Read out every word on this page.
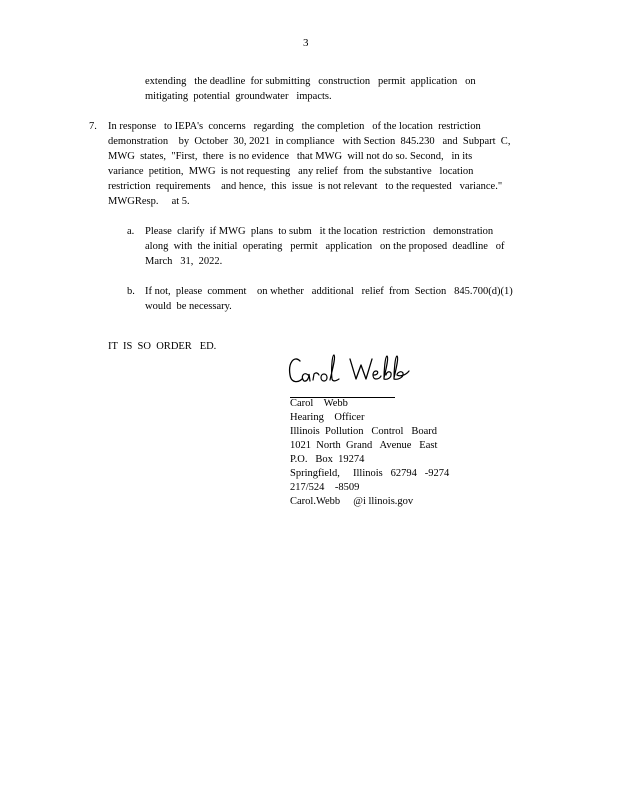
3
extending   the deadline  for submitting   construction   permit  application   on
mitigating  potential  groundwater   impacts.
7. In response   to IEPA's  concerns   regarding   the completion   of the location  restriction
demonstration    by  October  30, 2021  in compliance   with Section  845.230   and  Subpart  C,
MWG  states,  "First,  there  is no evidence   that MWG  will not do so. Second,   in its
variance  petition,  MWG  is not requesting   any relief  from  the substantive   location
restriction  requirements    and hence,  this  issue  is not relevant   to the requested   variance."
MWGResp.     at 5.
a. Please  clarify  if MWG  plans  to subm   it the location  restriction   demonstration
along  with  the initial  operating   permit   application   on the proposed  deadline   of
March   31,  2022.
b. If not,  please  comment    on whether   additional   relief  from  Section   845.700(d)(1)
would  be necessary.
IT  IS  SO  ORDER   ED.
Carol    Webb
Hearing    Officer
Illinois  Pollution   Control   Board
1021  North  Grand   Avenue   East
P.O.   Box  19274
Springfield,     Illinois   62794   -9274
217/524    -8509
Carol.Webb     @i llinois.gov
